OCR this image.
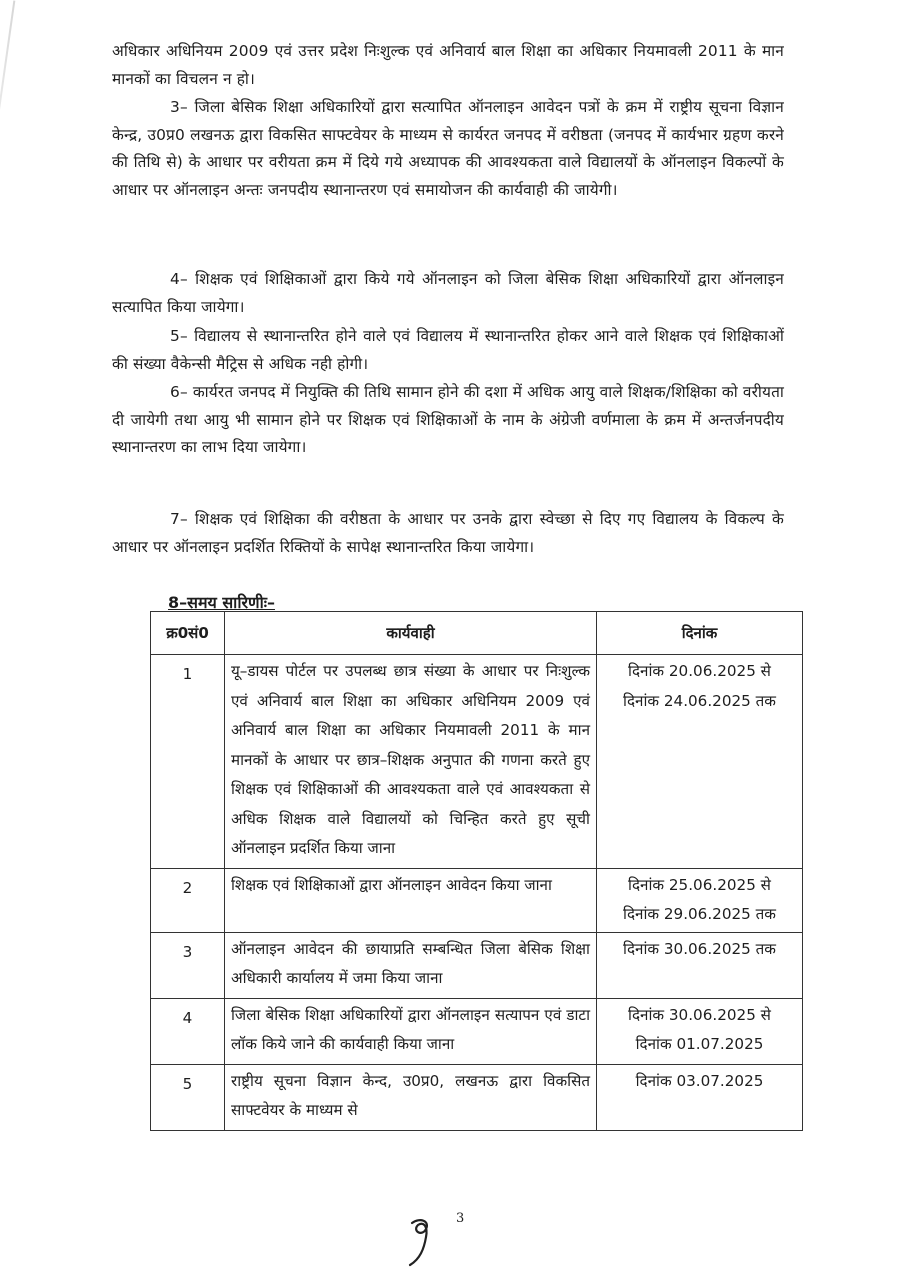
अधिकार अधिनियम 2009 एवं उत्तर प्रदेश निःशुल्क एवं अनिवार्य बाल शिक्षा का अधिकार नियमावली 2011 के मान मानकों का विचलन न हो।
3– जिला बेसिक शिक्षा अधिकारियों द्वारा सत्यापित ऑनलाइन आवेदन पत्रों के क्रम में राष्ट्रीय सूचना विज्ञान केन्द्र, उ0प्र0 लखनऊ द्वारा विकसित साफ्टवेयर के माध्यम से कार्यरत जनपद में वरीष्ठता (जनपद में कार्यभार ग्रहण करने की तिथि से) के आधार पर वरीयता क्रम में दिये गये अध्यापक की आवश्यकता वाले विद्यालयों के ऑनलाइन विकल्पों के आधार पर ऑनलाइन अन्तः जनपदीय स्थानान्तरण एवं समायोजन की कार्यवाही की जायेगी।
4– शिक्षक एवं शिक्षिकाओं द्वारा किये गये ऑनलाइन को जिला बेसिक शिक्षा अधिकारियों द्वारा ऑनलाइन सत्यापित किया जायेगा।
5– विद्यालय से स्थानान्तरित होने वाले एवं विद्यालय में स्थानान्तरित होकर आने वाले शिक्षक एवं शिक्षिकाओं की संख्या वैकेन्सी मैट्रिस से अधिक नही होगी।
6– कार्यरत जनपद में नियुक्ति की तिथि सामान होने की दशा में अधिक आयु वाले शिक्षक/शिक्षिका को वरीयता दी जायेगी तथा आयु भी सामान होने पर शिक्षक एवं शिक्षिकाओं के नाम के अंग्रेजी वर्णमाला के क्रम में अन्तर्जनपदीय स्थानान्तरण का लाभ दिया जायेगा।
7– शिक्षक एवं शिक्षिका की वरीष्ठता के आधार पर उनके द्वारा स्वेच्छा से दिए गए विद्यालय के विकल्प के आधार पर ऑनलाइन प्रदर्शित रिक्तियों के सापेक्ष स्थानान्तरित किया जायेगा।
8–समय सारिणीः–
क्र0सं0	कार्यवाही	दिनांक
1	यू–डायस पोर्टल पर उपलब्ध छात्र संख्या के आधार पर निःशुल्क एवं अनिवार्य बाल शिक्षा का अधिकार अधिनियम 2009 एवं अनिवार्य बाल शिक्षा का अधिकार नियमावली 2011 के मान मानकों के आधार पर छात्र–शिक्षक अनुपात की गणना करते हुए शिक्षक एवं शिक्षिकाओं की आवश्यकता वाले एवं आवश्यकता से अधिक शिक्षक वाले विद्यालयों को चिन्हित करते हुए सूची ऑनलाइन प्रदर्शित किया जाना	दिनांक 20.06.2025 से
दिनांक 24.06.2025 तक

2	शिक्षक एवं शिक्षिकाओं द्वारा ऑनलाइन आवेदन किया जाना	दिनांक 25.06.2025 से
दिनांक 29.06.2025 तक

3	ऑनलाइन आवेदन की छायाप्रति सम्बन्धित जिला बेसिक शिक्षा अधिकारी कार्यालय में जमा किया जाना	दिनांक 30.06.2025 तक

4	जिला बेसिक शिक्षा अधिकारियों द्वारा ऑनलाइन सत्यापन एवं डाटा लॉक किये जाने की कार्यवाही किया जाना	दिनांक 30.06.2025 से
दिनांक 01.07.2025

5	राष्ट्रीय सूचना विज्ञान केन्द, उ0प्र0, लखनऊ द्वारा विकसित साफ्टवेयर के माध्यम से	दिनांक 03.07.2025
3
